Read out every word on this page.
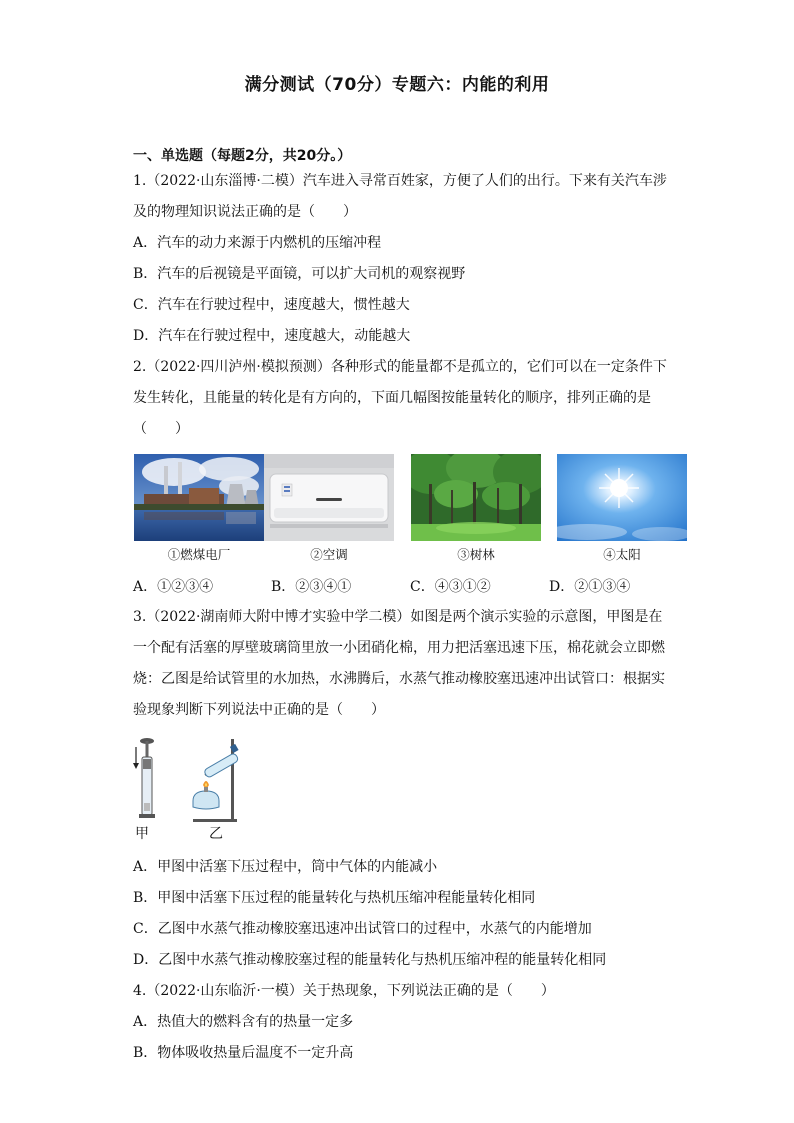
满分测试（70分）专题六：内能的利用
一、单选题（每题2分，共20分。）
1.（2022·山东淄博·二模）汽车进入寻常百姓家，方便了人们的出行。下来有关汽车涉
及的物理知识说法正确的是（　　）
A．汽车的动力来源于内燃机的压缩冲程
B．汽车的后视镜是平面镜，可以扩大司机的观察视野
C．汽车在行驶过程中，速度越大，惯性越大
D．汽车在行驶过程中，速度越大，动能越大
2.（2022·四川泸州·模拟预测）各种形式的能量都不是孤立的，它们可以在一定条件下
发生转化，且能量的转化是有方向的，下面几幅图按能量转化的顺序，排列正确的是
（　　）
①燃煤电厂	②空调	③树林	④太阳
A．①②③④	B．②③④①	C．④③①②	D．②①③④
3.（2022·湖南师大附中博才实验中学二模）如图是两个演示实验的示意图，甲图是在
一个配有活塞的厚壁玻璃筒里放一小团硝化棉，用力把活塞迅速下压，棉花就会立即燃
烧：乙图是给试管里的水加热，水沸腾后，水蒸气推动橡胶塞迅速冲出试管口：根据实
验现象判断下列说法中正确的是（　　）
甲	乙
A．甲图中活塞下压过程中，筒中气体的内能减小
B．甲图中活塞下压过程的能量转化与热机压缩冲程能量转化相同
C．乙图中水蒸气推动橡胶塞迅速冲出试管口的过程中，水蒸气的内能增加
D．乙图中水蒸气推动橡胶塞过程的能量转化与热机压缩冲程的能量转化相同
4.（2022·山东临沂·一模）关于热现象，下列说法正确的是（　　）
A．热值大的燃料含有的热量一定多
B．物体吸收热量后温度不一定升高
